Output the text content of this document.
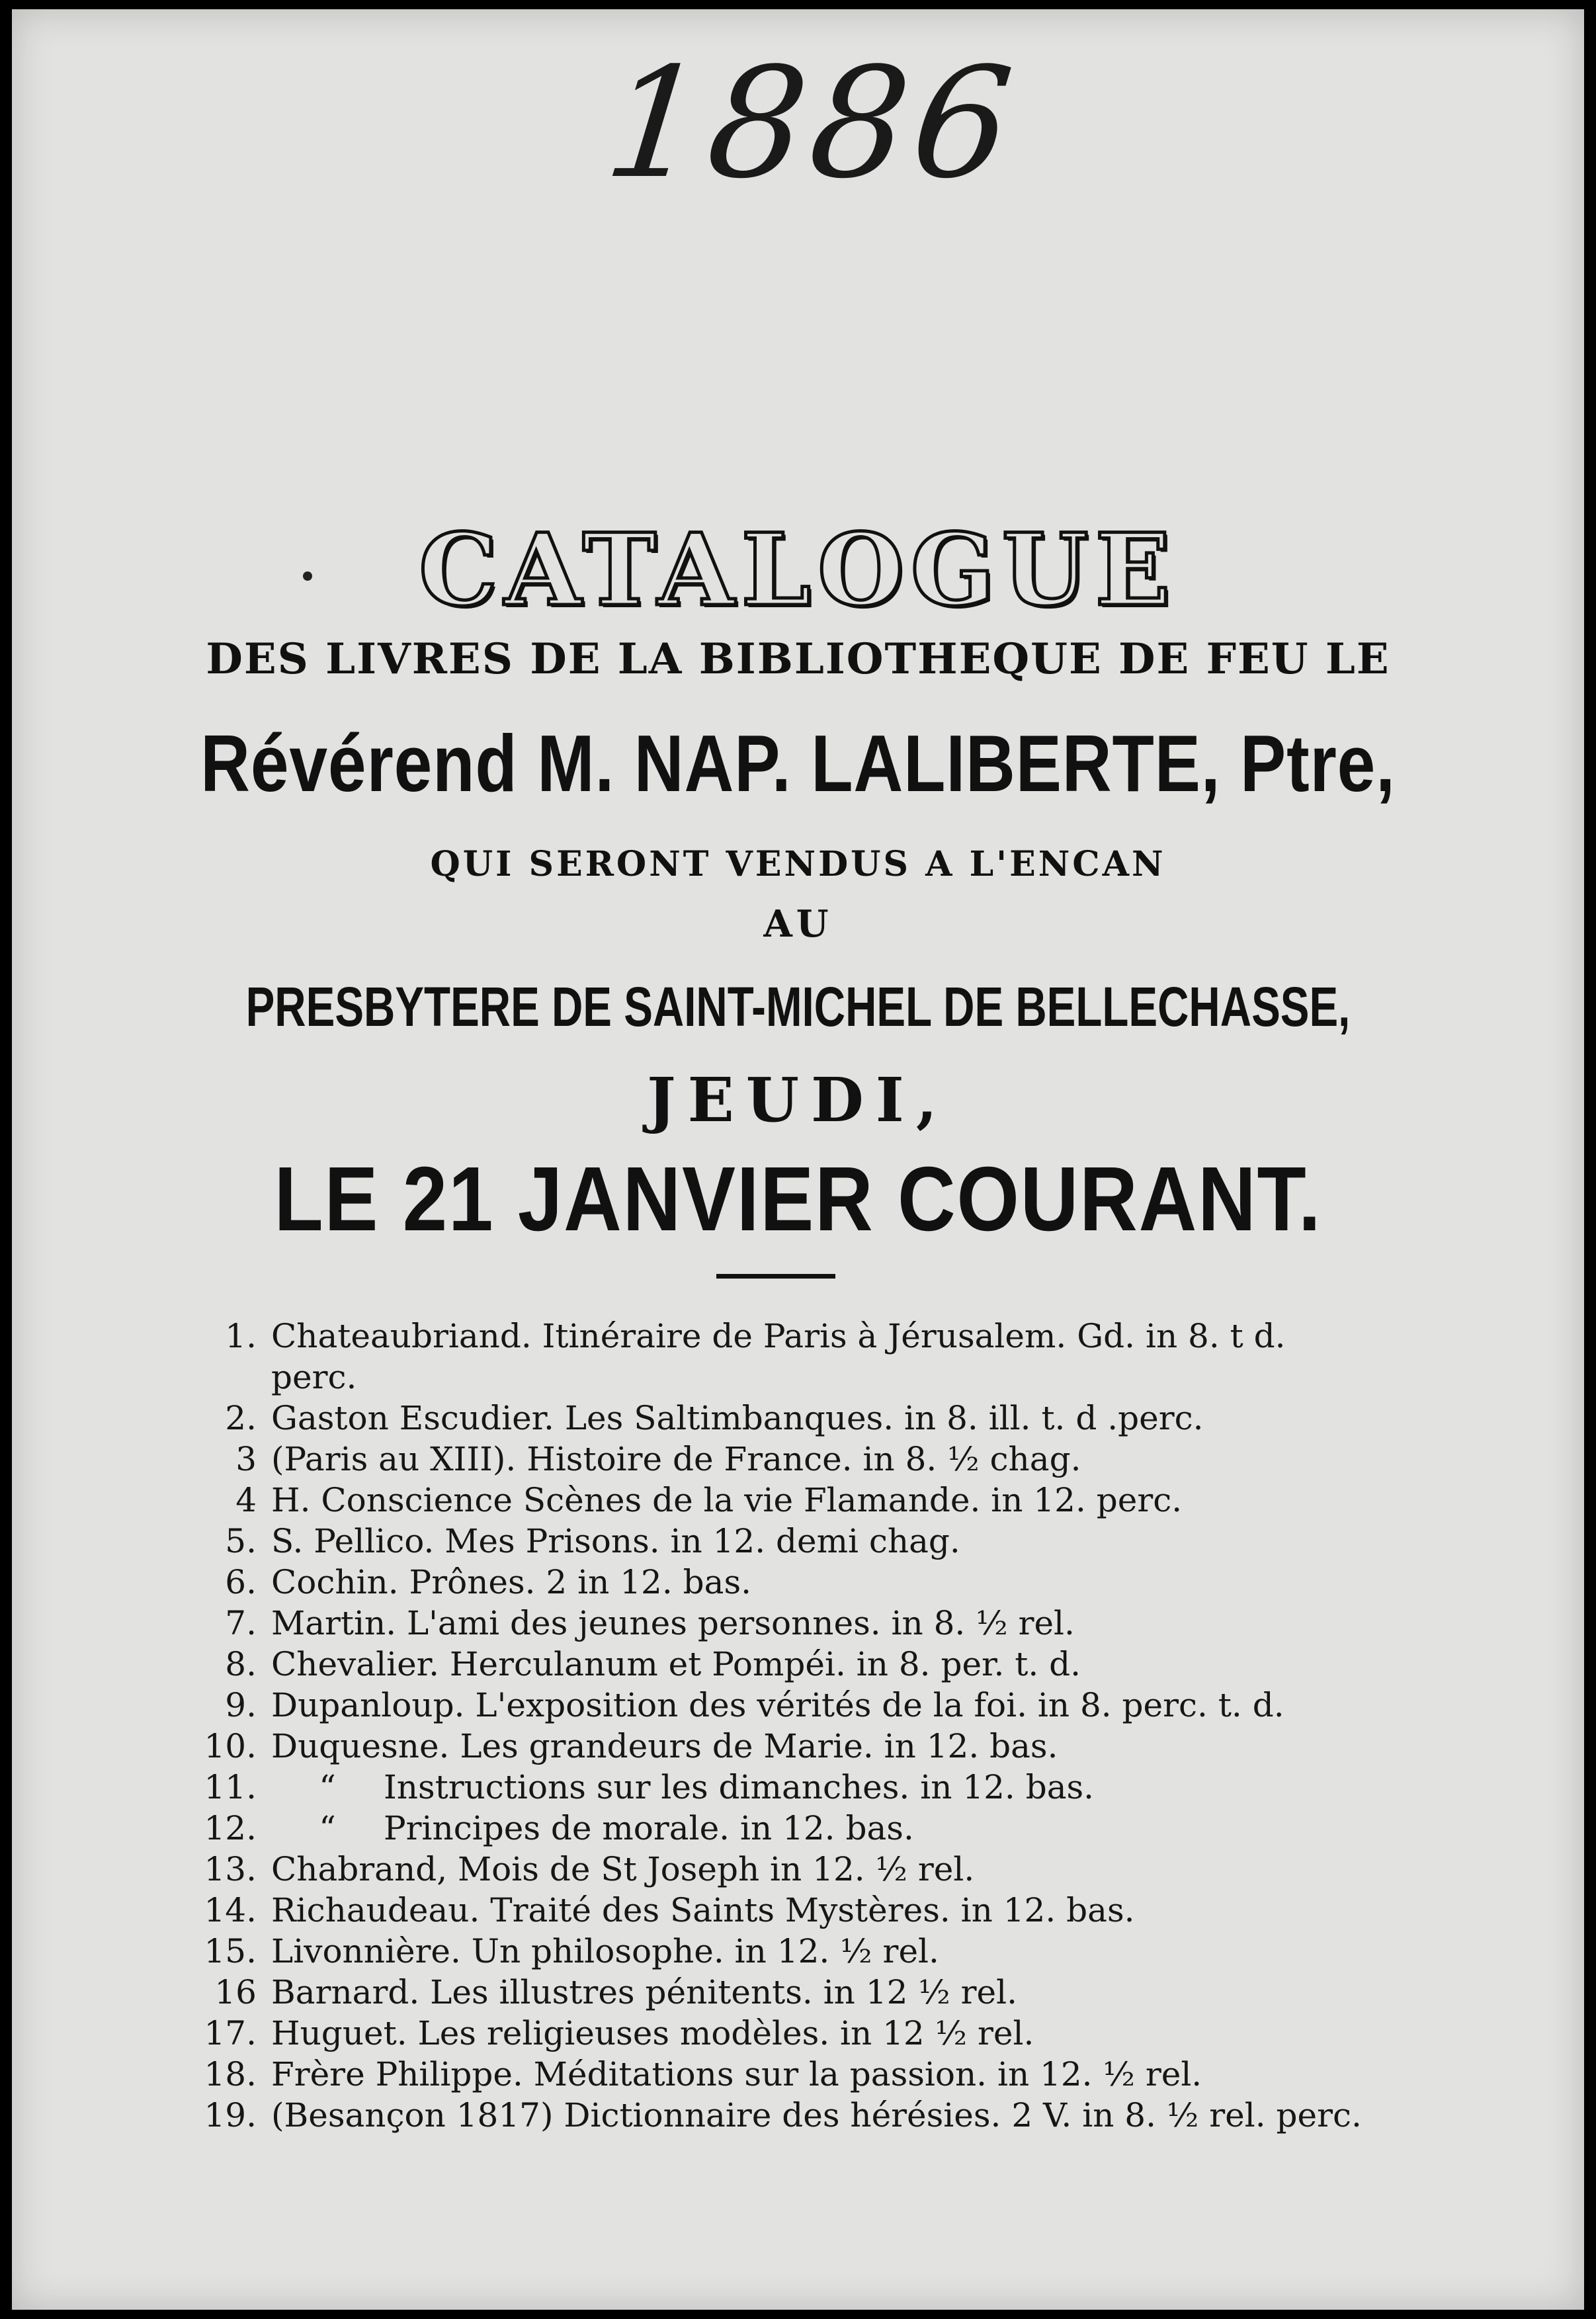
1886
CATALOGUE
DES LIVRES DE LA BIBLIOTHEQUE DE FEU LE
Révérend M. NAP. LALIBERTE, Ptre,
QUI SERONT VENDUS A L'ENCAN
AU
PRESBYTERE DE SAINT-MICHEL DE BELLECHASSE,
JEUDI,
LE 21 JANVIER COURANT.
1. Chateaubriand. Itinéraire de Paris à Jérusalem. Gd. in 8. t d.
perc.
2. Gaston Escudier. Les Saltimbanques. in 8. ill. t. d .perc.
3 (Paris au XIII). Histoire de France. in 8. ½ chag.
4 H. Conscience Scènes de la vie Flamande. in 12. perc.
5. S. Pellico. Mes Prisons. in 12. demi chag.
6. Cochin. Prônes. 2 in 12. bas.
7. Martin. L'ami des jeunes personnes. in 8. ½ rel.
8. Chevalier. Herculanum et Pompéi. in 8. per. t. d.
9. Dupanloup. L'exposition des vérités de la foi. in 8. perc. t. d.
10. Duquesne. Les grandeurs de Marie. in 12. bas.
11.	“ Instructions sur les dimanches. in 12. bas.
12.	“ Principes de morale. in 12. bas.
13. Chabrand, Mois de St Joseph in 12. ½ rel.
14. Richaudeau. Traité des Saints Mystères. in 12. bas.
15. Livonnière. Un philosophe. in 12. ½ rel.
16 Barnard. Les illustres pénitents. in 12 ½ rel.
17. Huguet. Les religieuses modèles. in 12 ½ rel.
18. Frère Philippe. Méditations sur la passion. in 12. ½ rel.
19. (Besançon 1817) Dictionnaire des hérésies. 2 V. in 8. ½ rel. perc.
